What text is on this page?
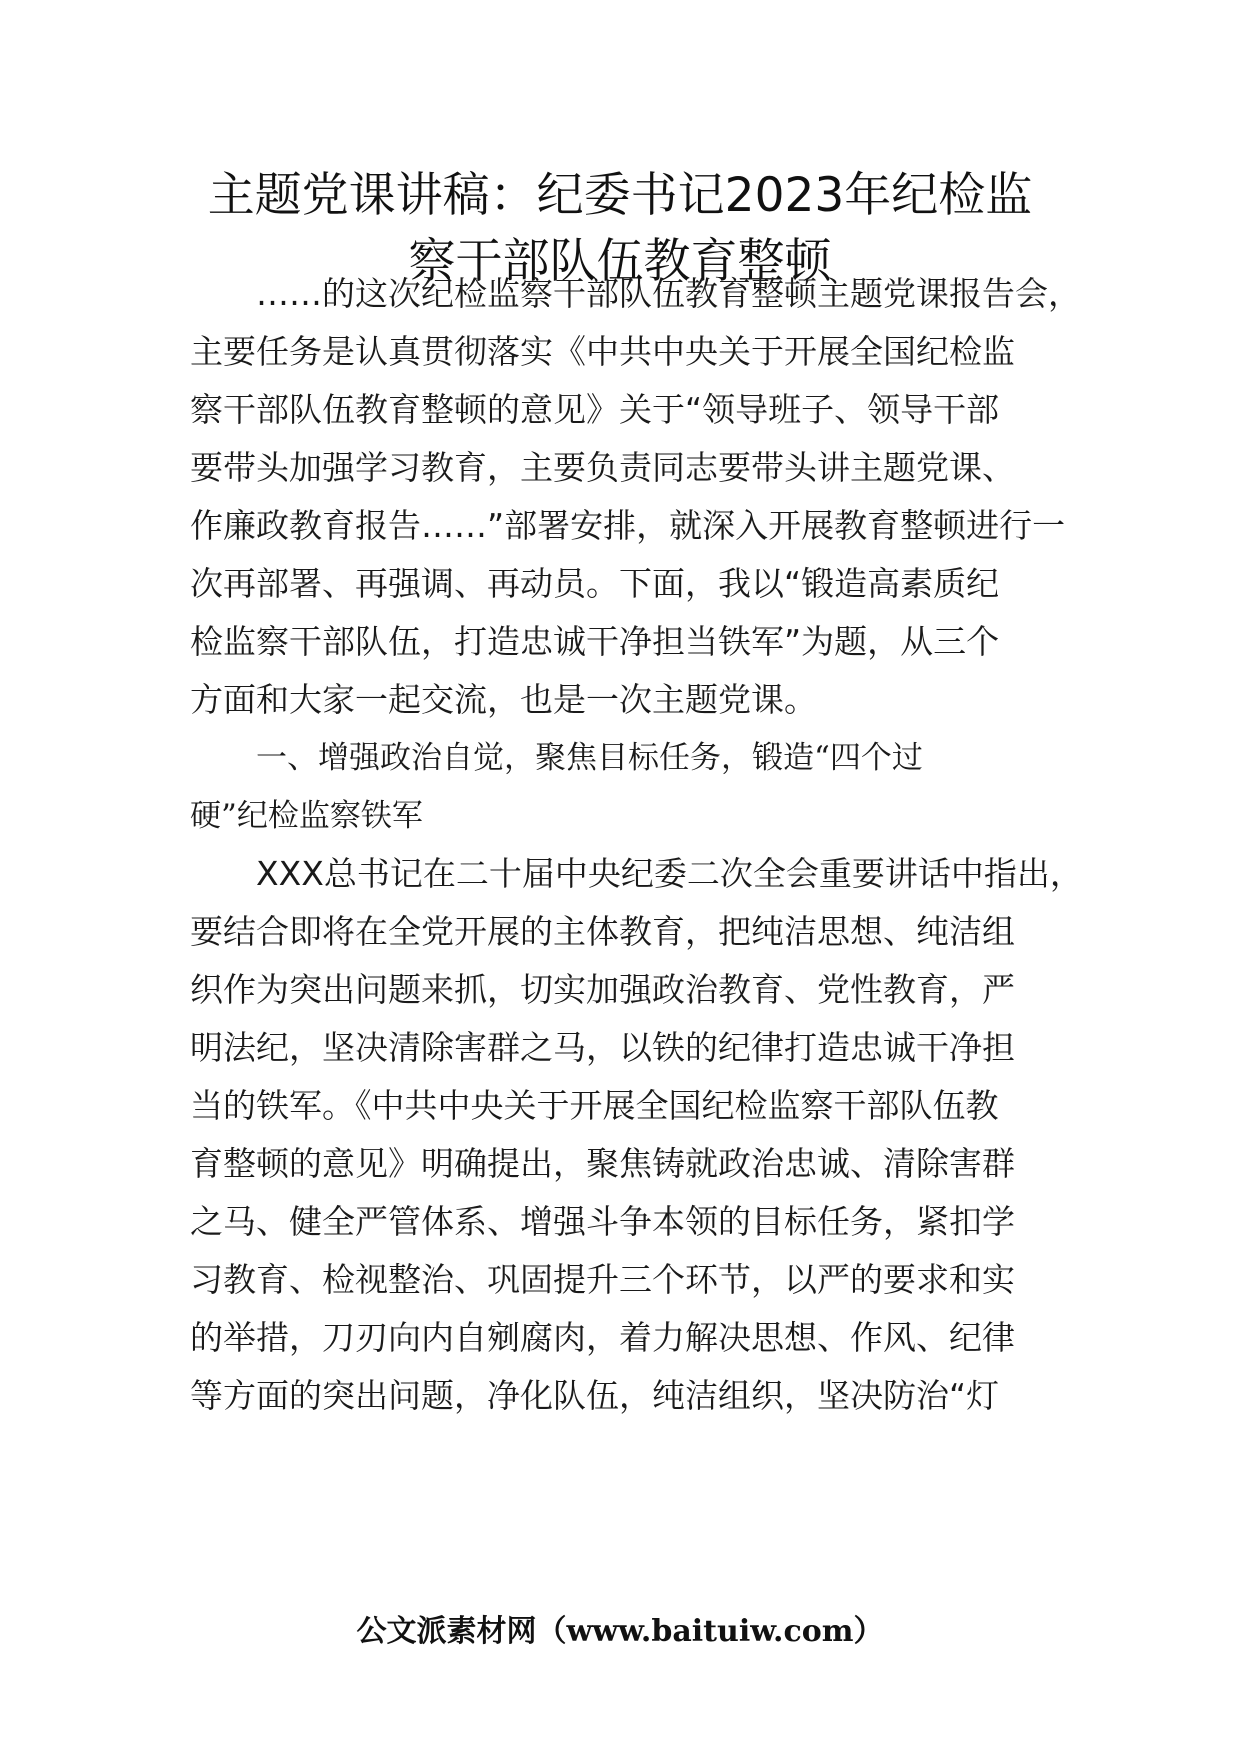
主题党课讲稿：纪委书记2023年纪检监
察干部队伍教育整顿
……的这次纪检监察干部队伍教育整顿主题党课报告会，
主要任务是认真贯彻落实《中共中央关于开展全国纪检监
察干部队伍教育整顿的意见》关于“领导班子、领导干部
要带头加强学习教育，主要负责同志要带头讲主题党课、
作廉政教育报告……”部署安排，就深入开展教育整顿进行一
次再部署、再强调、再动员。下面，我以“锻造高素质纪
检监察干部队伍，打造忠诚干净担当铁军”为题，从三个
方面和大家一起交流，也是一次主题党课。
一、增强政治自觉，聚焦目标任务，锻造“四个过
硬”纪检监察铁军
XXX总书记在二十届中央纪委二次全会重要讲话中指出，
要结合即将在全党开展的主体教育，把纯洁思想、纯洁组
织作为突出问题来抓，切实加强政治教育、党性教育，严
明法纪，坚决清除害群之马，以铁的纪律打造忠诚干净担
当的铁军。《中共中央关于开展全国纪检监察干部队伍教
育整顿的意见》明确提出，聚焦铸就政治忠诚、清除害群
之马、健全严管体系、增强斗争本领的目标任务，紧扣学
习教育、检视整治、巩固提升三个环节，以严的要求和实
的举措，刀刃向内自剜腐肉，着力解决思想、作风、纪律
等方面的突出问题，净化队伍，纯洁组织，坚决防治“灯
公文派素材网（www.baituiw.com）
